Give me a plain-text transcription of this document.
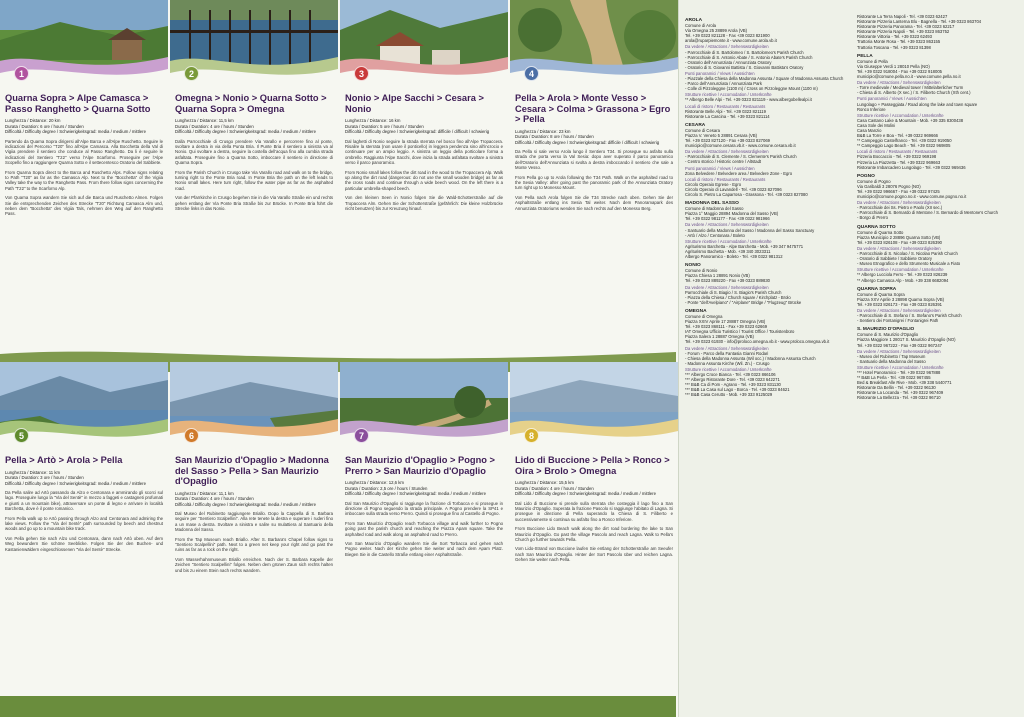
1
Quarna Sopra > Alpe Camasca > Passo Ranghetto > Quarna Sotto
Lunghezza / Distance: 20 km
Durata / Duration: 6 ore / hours / Stunden
Difficoltà / Difficulty degree / Schwierigkeitsgrad: media / medium / mittlere

Partendo da Quarna Sopra dirigersi all'Alpe Barca e all'Alpe Ruschetto. Seguire le indicazioni del Percorso "T20" fino all'Alpe Camasca. Alla Bocchetta della Val di Vigiia prendere il sentiero che conduce al Passo Ranghetto. Da li è seguire le indicazioni del Sentiero "T22" verso l'Alpe Scarforno. Proseguire per l'Alpe Scopello fino a raggiungere Quarna Sotto e il settecentesco Oratorio del Sabbiete.

From Quarna Sopra direct to the Barca and Ruschetto Alps. Follow signs relating to Path "T20" as far as the Camasca Alp. Next to the "Bocchetta" of the Vigiia Valley take the way to the Ranghetto Pass. From there follow signs concerning the Path "T22" to the Scarforno Alp.

Von Quarna Sopra wandern Sie sich auf die Barca und Ruschetto Almen. Folgen Sie die entsprechenden Zeichen des Strecke "T20" Richtung Camasca Alm und, neben dem "Bocchetta" des Vigiia Tals, nehmen den Weg auf den Ranghetto Pass.

2
Omegna > Nonio > Quarna Sotto > Quarna Sopra > Omegna
Lunghezza / Distance: 11,5 km
Durata / Duration: 4 ore / hours / Stunden
Difficoltà / Difficulty degree / Schwierigkeitsgrad: media / medium / mittlere

Dalla Parrocchiale di Crusgo prendere Via Varallo e percorrere fino al ponte, svoltare a destra in via della Punta Bria. Il Punte Bria il sentiero a sinistra va al Nonio. Qui svoltare a destra, seguire la costella dell'acqua fino alla cumbia strada asfaltata. Proseguire fino a Quarna Sotto, imboccare il sentiero in direzione di Quarna Sopra.

From the Parish Church in Crusgo take Via Varallo road and walk on to the bridge, turning right to the Ponte Bria road. In Ponte Bria the path on the left leads to Nonio small lakes. Here turn right, follow the water pipe as far as the asphalted road.

Von der Pfarrkirche in Crusgo begehen Sie in die Via Varallo Straße ein und rechts gehen entlang der Via Ponte Bria Straße bis zur Brücke. In Ponte Bria führt die Strecke links in das Nonio.

3
Nonio > Alpe Sacchi > Cesara > Nonio
Lunghezza / Distance: 16 km
Durata / Duration: 5 ore / hours / Stunden
Difficoltà / Difficulty degree / Schwierigkeitsgrad: difficile / difficult / schwierig

Dal laghetti di Nonio seguire la strada sterrata nel bosco fino all'Alpe Tropaccera. Risalire la sterrata (non usare il ponticello) in leggera pendenza sino all'incrocio e continuare per un ampio leggio. A sinistra un leggio della porticolare forma a ombrello. Raggiunta l'Alpe Sacchi, dove inizia la strada asfaltata svoltare a sinistra verso il parco panoramico.

From Nonio small lakes follow the dirt road in the wood to the Tropaccera Alp. Walk up along the dirt road (dangerous: do not use the small wooden bridge) as far as the cross roads and continue through a wide beech wood. On the left there is a particular umbrella-shaped beech.

Von den kleinen Seen in Nonio folgen Sie die Wald-Schotterstraße auf die Tropaccera Alm. Gehen Sie der Schotterstraße (gefährlich: Die kleine Holzbrücke nicht benutzen) bis zur Kreuzung hinauf.

4
Pella > Arola > Monte Vesso > Cesara > Colma > Grassona > Egro > Pella
Lunghezza / Distance: 23 km
Durata / Duration: 8 ore / hours / Stunden
Difficoltà / Difficulty degree / Schwierigkeitsgrad: difficile / difficult / schwierig

Da Pella si sale verso Arola lungo il Sentiero T34. Si prosegue su asfalto sulla strada che porta verso la Val Sesia: dopo aver superato il parco panoramico dell'Oratorio dell'Annunziata si svolta a destra imboccando il sentiero che sale a Monte Vesso.

From Pella go up to Arola following the T34 Path. Walk on the asphalted road to the Sesia Valley: after going past the panoramic park of the Annunziata Oratory turn right up to Monesso Mount.

Von Pella nach Arola folgen Sie die T34 Strecke nach oben. Gehen Sie der Asphaltstraße entlang ins Sesia Tal weiter. Nach dem Panoramapark des Annunziata Oratoriums wenden Sie nach rechts auf den Monesso Berg.

5
Pella > Artò > Arola > Pella
Lunghezza / Distance: 11 km
Durata / Duration: 3 ore / hours / Stunden
Difficoltà / Difficulty degree / Schwierigkeitsgrad: media / medium / mittlere

Da Pella salire ad Artò passando da Alzo e Centonara e ammirando gli scorci sul lago. Proseguire lungo la "Via del Sentè" in mezzo a faggeti e castagneti profumati e giunti a un mountain bike), attraversare un ponte di legno e arrivare in località Barchetta, dove è il ponte romanico.

From Pella walk up to Artò passing through Alzo and Centonara and admiring the lake views. Follow the "Via del Sentè" path surrounded by beech and chestnut woods and go up to a mountain bike track.

Von Pella gehen Sie nach Alzo und Centonara, dann nach Artò oben. Auf dem Weg bewundern Sie schöne Seeblicke. Folgen Sie der den Buchen- und Kastanienwäldern eingeschlossenen "Via del Sentè" Strecke.

6
San Maurizio d'Opaglio > Madonna del Sasso > Pella > San Maurizio d'Opaglio
Lunghezza / Distance: 11,1 km
Durata / Duration: 4 ore / hours / Stunden
Difficoltà / Difficulty degree / Schwierigkeitsgrad: media / medium / mittlere

Dal Museo del Rubinetto raggiungere Briallo. Dopo la Cappella di S. Barbara seguire per "Sentiero Scalpellini". Alla rete tenete la destra e superare i ruderi fino a un mase a destra. Svoltare a sinistra e salire su mulattiera al Santuario della Madonna del Sasso.

From the Tap Museum reach Briallo. After S. Barbara's Chapel follow signs to "Sentiero Scalpellini" path. Next to a green net keep your right and go past the ruins as far as a rock on the right.

Vom Wasserhahnmuseum Briallo erreichen. Nach der S. Barbara Kapelle der Zeichen "Sentiero Scalpellini" folgen. Neben dem grünen Zaun sich rechts halten und bis zu einem Stein nach rechts wandern.

7
San Maurizio d'Opaglio > Pogno > Prerro > San Maurizio d'Opaglio
Lunghezza / Distance: 12,6 km
Durata / Duration: 2,5 ore / hours / Stunden
Difficoltà / Difficulty degree / Schwierigkeitsgrad: media / medium / mittlere

Dal San Maurizio d'Opaglio si raggiunge la frazione di Torbacca e si prosegue in direzione di Pogno seguendo la strada principale. A Pogno prendere la SP41 e imboccare sulla strada verso Prerro. Quindi si prosegue fino al Castello di Pogno.

From San Maurizio d'Opaglio reach Torbacca village and walk further to Pogno going past the parish church and reaching the Piazza Apam square. Take the asphalted road and walk along an asphalted road to Prerro.

Von San Maurizio d'Opaglio wandern Sie die Sort Torbacca und gehen nach Pogno weiter. Nach der Kirche gehen Sie weiter und nach dem Apam Platz. Biegen Sie in die Castello Straße entlang einer Asphaltstraße.

8
Lido di Buccione > Pella > Ronco > Oira > Brolo > Omegna
Lunghezza / Distance: 15,5 km
Durata / Duration: 4 ore / hours / Stunden
Difficoltà / Difficulty degree / Schwierigkeitsgrad: media / medium / mittlere

Dal Lido di Buccione si prende sulla sterrata che costeggia il lago fino a San Maurizio d'Opaglio. Superata la frazione Pascolo si raggiunge l'abitato di Lagna. Si prosegue in direzione di Pella superando la Chiesa di S. Filiberto e successivamente si continua su asfalto fino a Ronco Inferiore.

From Buccione Lido Beach walk along the dirt road bordering the lake to San Maurizio d'Opaglio. Go past the village Pascolo and reach Lagna. Walk to Pella's Church go further towards Pella.

Vom Lido-Strand von Buccione laufen Sie entlang der Schotterstraße am Seeufer nach San Maurizio d'Opaglio. Hinter der Sort Pascolo über und reichen Lagna. Gehen Sie weiter nach Pella.

AROLA
Comune di Arola
Via Omegna 25 28899 Arola (VB)
Tel. +39 0323 821128 - Fax +39 0323 821900
arola@ruparpiemonte.it - www.comune.arola.vb.it
Da vedere / Attractions / Sehenswürdigkeiten
- Parrocchiale di S. Bartolomeo / S. Bartolomeo's Parish Church
- Parrocchiale di S. Antonio Abate / S. Antonio Abate's Parish Church
- Oratorio dell'Annunziata / Annunziata Oratory
- Oratorio di S. Giovanni Battista / S. Giovanni Battista's Oratory
Punti panoramici / Views / Aussichten
- Piazzale della Chiesa della Madonna Assunta / Square of Madonna Assunta Church
- Parco dell'Annunziata / Annunziata Park
- Colle di Pizzoleggne (1100 m) / Cross on Pizzoleggne Mount (1100 m)
Strutture ricettive / Accomodation / Unterkünfte
** Albergo Belle Alpi - Tel. +39 0323 821119 - www.albergobellealpi.it
Locali di ristoro / Restaurants / Restaurants
Ristorante Belle Alpi - Tel. +39 0323 821119
Ristorante La Cascina - Tel. +39 0323 821114
CESARA
Comune di Cesara
Piazza V. Veneto 5 28891 Cesara (VB)
Tel. +39 0323 827120 - Fax +39 0323 827069
municipio@comune.cesara.vb.it - www.comune.cesara.vb.it
Da vedere / Attractions / Sehenswürdigkeiten
- Parrocchiale di S. Clemente / S. Clemente's Parish Church
- Centro storico / Historic centre / Altstadt
Punti panoramici / Views / Aussichten
Zona Belvedere / Belvedere area / Belvedere Zone - Egro
Locali di ristoro / Restaurants / Restaurants
Circolo Operaio Egrese - Egro
Circolo Operaio di Lavandell - Tel. +39 0323 827096
Circolo S. Pietro La Caparrosa - Grassona - Tel. +39 0323 827080
MADONNA DEL SASSO
Comune di Madonna del Sasso
Piazza 1° Maggio 28894 Madonna del Sasso (VB)
Tel. +39 0322 981177 - Fax +39 0322 981966
Da vedere / Attractions / Sehenswürdigkeiten
- Santuario della Madonna del Sasso / Madonna del Sasso Sanctuary
- Artò / Alzo / Centonara / Boleto
Strutture ricettive / Accomodation / Unterkünfte
Agriturismo Barchetta - Alpe Barchetta - Mob. +39 347 9475771
Agriturismo Bachetta - Mob. +39 340 3023311
Albergo Panoramico - Boleto - Tel. +39 0322 981312
NONIO
Comune di Nonio
Piazza Chiesa 1 28891 Nonio (VB)
Tel. +39 0323 889220 - Fax +39 0323 889830
Da vedere / Attractions / Sehenswürdigkeiten
Parrocchiale di S. Biagio / S. Biagio's Parish Church
- Piazza della Chiesa / Church square / Kirchplatz - Brolo
- Ponte "dell'Avelpiano" / "Airplane" Bridge / "Flugzeug" Brücke
OMEGNA
Comune di Omegna
Piazza XXIV Aprile 17 28887 Omegna (VB)
Tel. +39 0323 868111 - Fax +39 0323 62669
IAT Omegna Ufficio Turistico / Tourist Office / Touristenbüro
Piazza Salera 1 28887 Omegna (VB)
Tel. +39 0323 61930 - info@proloco.omegna.vb.it - www.proloco.omegna.vb.it
Da vedere / Attractions / Sehenswürdigkeiten
- Forum - Parco della Fantasia Gianni Rodari
- Chiesa della Madonna Assunta (Wil occ.) / Madonna Assunta Church
- Madonna Assunta Kirche (Wil. Zn.) - Crusgo
Strutture ricettive / Accomodation / Unterkünfte
*** Albergo Croce Bianca - Tel. +39 0323 866106
*** Albergo Ristorante Dore - Tel. +39 0323 642271
*** B&B Ca di Pom - Agrano - Tel. +39 0323 831130
*** B&B La Casa sul Lago - Borca - Tel. +39 0323 84621
*** B&B Casa Cerutto - Mob. +39 333 9125029
Ristorante La Terra Napoli - Tel. +39 0323 62427
Ristorante Pizzeria Lanterna Blu - Bagnella - Tel. +39 0323 863704
Ristorante Pizzeria Panorama - Tel. +39 0323 62217
Ristorante Pizzeria Napoli - Tel. +39 0323 863752
Ristorante Vittoria - Tel. +39 0323 62493
Trattoria Monte Rosa - Tel. +39 0323 863155
Trattoria Toscana - Tel. +39 0323 81398
PELLA
Comune di Pella
Via Giuseppe Verdi 1 28010 Pella (NO)
Tel. +39 0322 918004 - Fax +39 0322 918005
municipio@comune.pella.no.it - www.comune.pella.no.it
Da vedere / Attractions / Sehenswürdigkeiten
- Torre medievale / Medieval tower / Mittelalterlicher Turm
- Chiesa di S. Alberto (X sec.) / S. Filiberto Church (Xth cent.)
Punti panoramici / Views / Aussichten
Lungolago + Passeggiata / Road along the lake and town square
Ronco Inferiore
Strutture ricettive / Accomodation / Unterkünfte
Casa Castano Lake & Mountain - Mob. +39 335 8300438
Casa Sole dei Molini
Casa Manzio
B&B La Torre e Boa - Tel. +39 0322 969666
** Campeggio Castelfranco - Tel. +39 0322 919050
** Campeggio Lago Beach - Tel. +39 0322 969805
Locali di ristoro / Restaurants / Restaurants
Pizzeria Boccaccio - Tel. +39 0322 969198
Pizzeria La Piazzetta - Tel. +39 0322 969663
Ristorante Imbarcadero Lungolago - Tel. +39 0322 969436
POGNO
Comune di Pogno
Via Garibaldi 3 28076 Pogno (NO)
Tel. +39 0322 996667 - Fax +39 0322 97425
municipio@comune.pogno.no.it - www.comune.pogno.no.it
Da vedere / Attractions / Sehenswürdigkeiten
- Parrocchiale dei Ss. Pietro e Paolo (XII sec.)
- Parrocchiale di S. Bernardo di Mentone / S. Bernardo di Mentone's Church
- Borgo di Prerro
QUARNA SOTTO
Comune di Quarna Sotto
Piazza Municipio 2 28896 Quarna Sotto (VB)
Tel. +39 0323 826108 - Fax +39 0323 826390
Da vedere / Attractions / Sehenswürdigkeiten
- Parrocchiale di S. Nicolao / S. Nicolao Parish Church
- Oratorio di Sabbiete / Sabbiete Oratory
- Museo Etnografico e dello Strumento Musicale a Fiato
Strutture ricettive / Accomodation / Unterkünfte
** Albergo Lucciola Ferro - Tel. +39 0323 826239
** Albergo Camasca Alp - Mob. +39 338 6682094
QUARNA SOPRA
Comune di Quarna Sopra
Piazza XXV Aprile 3 28898 Quarna Sopra (VB)
Tel. +39 0323 826173 - Fax +39 0323 826391
Da vedere / Attractions / Sehenswürdigkeiten
- Parrocchiale di S. Stefano / S. Stefano's Parish Church
- Sentiero dei Fontanigrei / Fontanigrei Path
S. MAURIZIO D'OPAGLIO
Comune di S. Maurizio d'Opaglio
Piazza Maggiore 1 28017 S. Maurizio d'Opaglio (NO)
Tel. +39 0322 967222 - Fax +39 0322 967247
Da vedere / Attractions / Sehenswürdigkeiten
- Museo del Rubinetto / Tap Museum
- Santuario della Madonna del Sasso
Strutture ricettive / Accomodation / Unterkünfte
*** Hotel Panoramico - Tel. +39 0322 967888
** B&B La Perla - Tel. +39 0322 967455
Bed & Breakfast Alle Rive - Mob. +39 338 5440771
Ristorante Da Bellin - Tel. +39 0322 96130
Ristorante La Locanda - Tel. +39 0322 967409
Ristorante La Bellezza - Tel. +39 0322 96710
